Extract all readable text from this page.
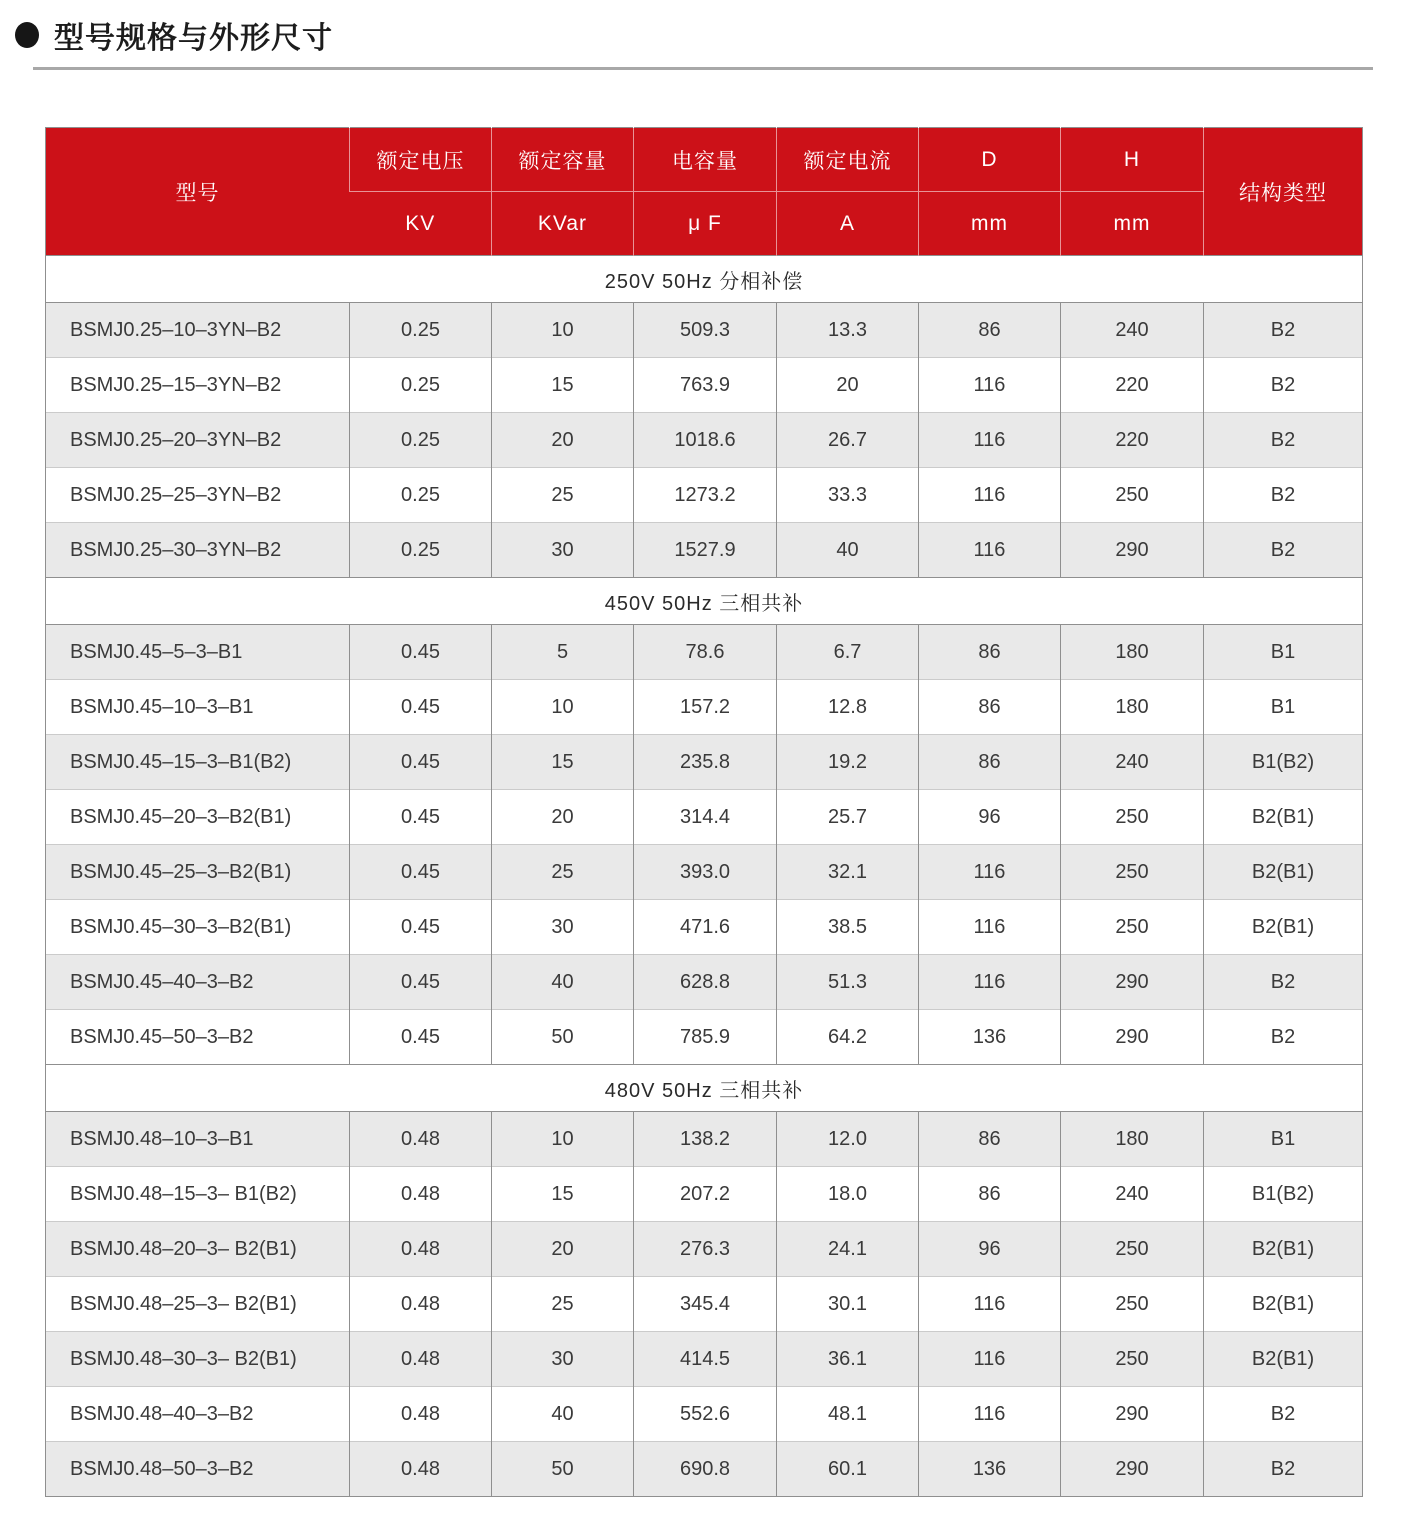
型号规格与外形尺寸
型号	额定电压	额定容量	电容量	额定电流	D	H	结构类型
	KV	KVar	μ F	A	mm	mm	
250V 50Hz 分相补偿							
BSMJ0.25–10–3YN–B2	0.25	10	509.3	13.3	86	240	B2
BSMJ0.25–15–3YN–B2	0.25	15	763.9	20	116	220	B2
BSMJ0.25–20–3YN–B2	0.25	20	1018.6	26.7	116	220	B2
BSMJ0.25–25–3YN–B2	0.25	25	1273.2	33.3	116	250	B2
BSMJ0.25–30–3YN–B2	0.25	30	1527.9	40	116	290	B2
450V 50Hz 三相共补							
BSMJ0.45–5–3–B1	0.45	5	78.6	6.7	86	180	B1
BSMJ0.45–10–3–B1	0.45	10	157.2	12.8	86	180	B1
BSMJ0.45–15–3–B1(B2)	0.45	15	235.8	19.2	86	240	B1(B2)
BSMJ0.45–20–3–B2(B1)	0.45	20	314.4	25.7	96	250	B2(B1)
BSMJ0.45–25–3–B2(B1)	0.45	25	393.0	32.1	116	250	B2(B1)
BSMJ0.45–30–3–B2(B1)	0.45	30	471.6	38.5	116	250	B2(B1)
BSMJ0.45–40–3–B2	0.45	40	628.8	51.3	116	290	B2
BSMJ0.45–50–3–B2	0.45	50	785.9	64.2	136	290	B2
480V 50Hz 三相共补							
BSMJ0.48–10–3–B1	0.48	10	138.2	12.0	86	180	B1
BSMJ0.48–15–3– B1(B2)	0.48	15	207.2	18.0	86	240	B1(B2)
BSMJ0.48–20–3– B2(B1)	0.48	20	276.3	24.1	96	250	B2(B1)
BSMJ0.48–25–3– B2(B1)	0.48	25	345.4	30.1	116	250	B2(B1)
BSMJ0.48–30–3– B2(B1)	0.48	30	414.5	36.1	116	250	B2(B1)
BSMJ0.48–40–3–B2	0.48	40	552.6	48.1	116	290	B2
BSMJ0.48–50–3–B2	0.48	50	690.8	60.1	136	290	B2
